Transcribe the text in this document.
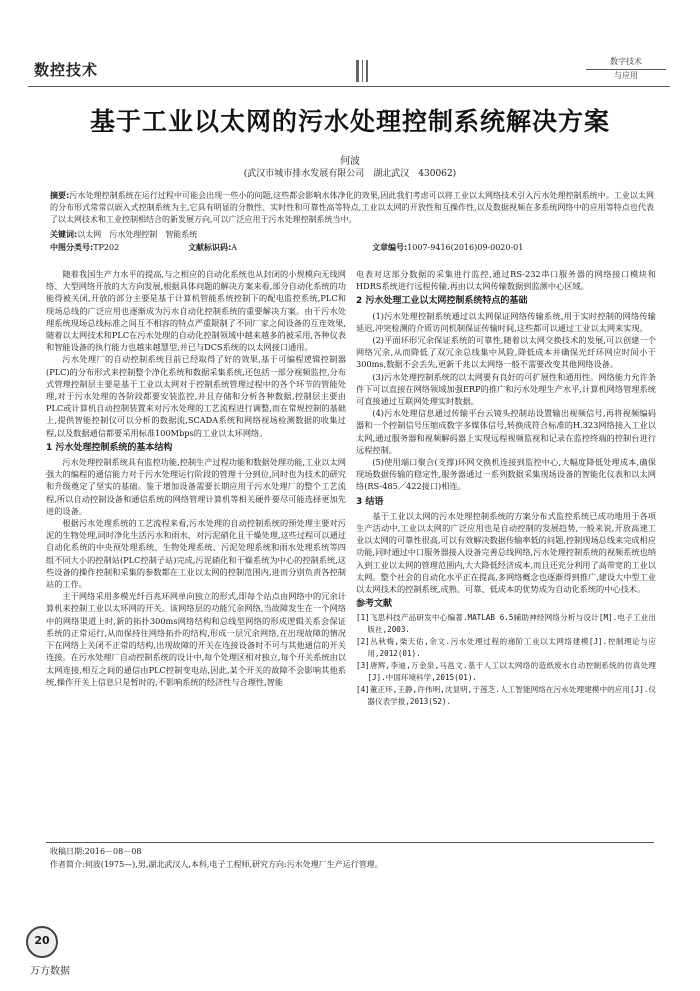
数控技术	数字技术
与应用
基于工业以太网的污水处理控制系统解决方案
何波
(武汉市城市排水发展有限公司　湖北武汉　430062)
摘要:污水处理控制系统在运行过程中可能会出现一些小的问题,这些都会影响水体净化的效果,因此我们考虑可以将工业以太网络技术引入污水处理控制系统中。工业以太网的分布形式常常以嵌入式控制系统为主,它具有明显的分散性、实时性和可靠性高等特点,工业以太网的开放性和互操作性,以及数据视频在多系统网络中的应用等特点也代表了以太网技术和工业控制相结合的新发展方向,可以广泛应用于污水处理控制系统当中。
关键词:以太网　污水处理控制　智能系统
中图分类号:TP202	文献标识码:A	文章编号:1007-9416(2016)09-0020-01

随着我国生产力水平的提高,与之相应的自动化系统也从封闭的小规模向无线网络、大型网络开放的大方向发展,根据具体问题的解决方案来看,部分自动化系统的功能得被关闭,开放的部分主要是基于计算机管能系统控制下的配电监控系统,PLC和现场总线的广泛应用也逐渐成为污水自动化控制系统的重要解决方案。由于污水处理系统现场总线标准之间互不相容的特点严重限制了不同厂家之间设备的互连效果,随着以太网技术和PLC在污水处理的自动化控制领域中越来越多的被采用,各种仪表和智能设备的执行能力也越来越慧型,并已与DCS系统的以太网接口通用。

污水处理厂的自动控制系统目前已经取得了好的效果,基于可编程逻辑控制器(PLC)的分布形式来控制整个净化系统和数据采集系统,还包括一部分视频监控,分布式管理控制层主要是基于工业以太网对于控制系统管理过程中的各个环节的管能处理,对于污水处理的各阶段都要安装监控,并且存储和分析各种数据,控制层主要由PLC或计算机自动控制装置来对污水处理的工艺流程进行调整,而在常规控制的基础上,提供智能控制仪可以分析的数据流,SCADA系统和网络视场检测数据的收集过程,以及数据通信都要采用标准100Mbps的工业以太环网络。

1 污水处理控制系统的基本结构

污水处理控制系统具有监控功能,控制生产过程功能和数据处理功能,工业以太网强大的编程的通信能力对于污水处理运行阶段的管理十分到位,同时也为技术的研究和升级奠定了坚实的基础。鉴于增加设备需要长期应用于污水处理厂的整个工艺流程,所以自动控制设备和通信系统的网络管理计算机等相关硬件要尽可能选择更加先进的设备。

根据污水处理系统的工艺流程来看,污水处理的自动控制系统的预处理主要对污泥的生物处理,同时净化生活污水和雨水、对污泥硝化且干燥处理,这些过程可以通过自动化系统的中央预处理系统、生物处理系统、污泥处理系统和雨水处理系统等四组不同大小的控制站(PLC控制子站)完成,污泥硝化和干燥系统为中心的控制系统,这些设备的操作控制和采集的参数都在工业以太网的控制范围内,进而分别负责各控制站的工作。

主干网络采用多模光纤百兆环网单向独立的形式,即每个站点由网络中的冗余计算机来控制工业以太环网的开关。该网络层的功能冗余网络,当故障发生在一个网络中的网络渠道上时,新的拓扑300ms网络结构和总线型网络的形成逻辑关系会保证系统的正常运行,从而保持住网络拓扑的结构,形成一层冗余网络,在出现故障的情况下在网络上关闭不正常的结构,出现故障的开关在连接设备时不可与其他通信的开关连接。在污水处理厂自动控制系统的设计中,每个处理区相对独立,每个开关系统由以太网连接,相互之间的通信由PLC控制变电站,因此,某个开关的故障不会影响其他系统,操作开关上信息只是暂时的,不影响系统的经济性与合理性,智能

电表对这部分数据的采集进行监控,通过RS-232串口服务器的网络接口模块和HDRS系统进行远程传输,再由以太网传输数据到监测中心区域。

2 污水处理工业以太网控制系统特点的基础

(1)污水处理控制系统通过以太网保证网络传输系统,用于实时控制的网络传输延迟,冲突检测的介质访问机制保证传输时间,这些都可以通过工业以太网来实现。

(2)平面环形冗余保证系统的可靠性,随着以太网交换技术的发展,可以创建一个网络冗余,从而降低了双冗余总线集中风险,降低成本并确保光纤环网应时间小于300ms,数据不会丢失,更新千兆以太网络一般不需要改变其他网络设备。

(3)污水处理控制系统的以太网要有良好的可扩展性和通用性。网络能力允许条件下可以直接在网络领域加强ERP的推广和污水处理生产水平,计算机网络管理系统可直接通过互联网处理实时数据。

(4)污水处理信息通过传输平台云镜头控制站设置输出视频信号,再将视频编码器和一个控制信号压缩成数字多媒体信号,转换成符合标准的H.323网络接入工业以太网,通过服务器和视频解码器上实现远程视频监视和记录在监控终端的控制台进行远程控制。

(5)使用端口聚合(支撑)环网交换机连接到监控中心,大幅度降低处理成本,确保现场数据传输的稳定性,服务器通过一系列数据采集现场设备的智能化仪表和以太网络(RS-485／422接口)相连。

3 结语

基于工业以太网的污水处理控制系统的方案分布式监控系统已成功地用于各项生产活动中,工业以太网的广泛应用也是自动控制的发展趋势,一般来说,开放高速工业以太网的可靠性很高,可以有效解决数据传输率低的问题,控制现场总线来完成相应功能,同时通过中口服务器接入设备完善总线网络,污水处理控制系统的视频系统也纳入到工业以太网的管理范围内,大大降低经济成本,而且还充分利用了高带宽的工业以太网。整个社会的自动化水平正在提高,多网络概念也逐渐得到推广,建设大中型工业以太网技术的控制系统,成熟、可靠、低成本的优势成为自动化系统的中心技术。

参考文献
[1]飞思科技产品研发中心编著.MATLAB 6.5辅助神经网络分析与设计[M].电子工业出版社,2003.
[2]丛秋梅,柴天佑,余文.污水处理过程的递阶工业以太网络建模[J].控制理论与应用,2012(01).
[3]唐辉,李迪,万金泉,马邕文.基于人工以太网络的造纸废水自动控制系统的仿真处理[J].中国环境科学,2015(01).
[4]董正环,王静,许伟明,沈显明,于莲芝.人工智能网络在污水处理建模中的应用[J].仪器仪表学报,2013(S2).
收稿日期:2016－08－08
作者简介:何波(1975—),男,湖北武汉人,本科,电子工程师,研究方向:污水处理厂生产运行管理。
20
万方数据
